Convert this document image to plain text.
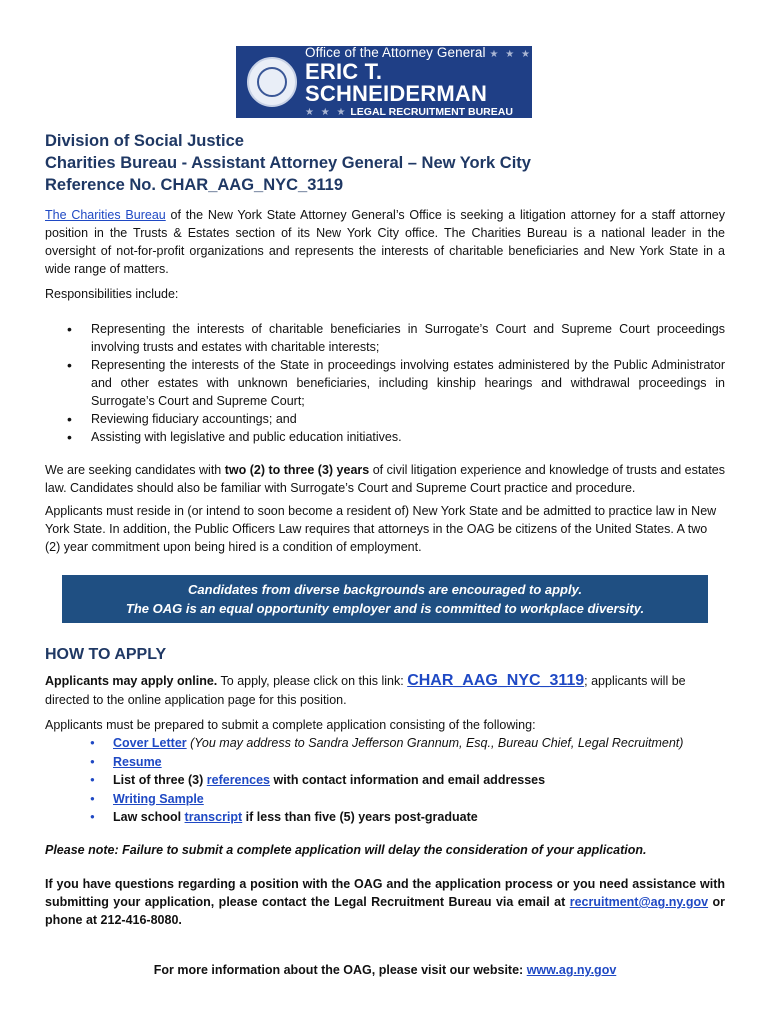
Office of the Attorney General ★ ★ ★
ERIC T. SCHNEIDERMAN
★ ★ ★ LEGAL RECRUITMENT BUREAU
Division of Social Justice
Charities Bureau - Assistant Attorney General – New York City
Reference No. CHAR_AAG_NYC_3119
The Charities Bureau of the New York State Attorney General’s Office is seeking a litigation attorney for a staff attorney position in the Trusts & Estates section of its New York City office. The Charities Bureau is a national leader in the oversight of not-for-profit organizations and represents the interests of charitable beneficiaries and New York State in a wide range of matters.
Responsibilities include:
• Representing the interests of charitable beneficiaries in Surrogate’s Court and Supreme Court proceedings involving trusts and estates with charitable interests;
• Representing the interests of the State in proceedings involving estates administered by the Public Administrator and other estates with unknown beneficiaries, including kinship hearings and withdrawal proceedings in Surrogate’s Court and Supreme Court;
• Reviewing fiduciary accountings; and
• Assisting with legislative and public education initiatives.
We are seeking candidates with two (2) to three (3) years of civil litigation experience and knowledge of trusts and estates law. Candidates should also be familiar with Surrogate’s Court and Supreme Court practice and procedure.
Applicants must reside in (or intend to soon become a resident of) New York State and be admitted to practice law in New York State. In addition, the Public Officers Law requires that attorneys in the OAG be citizens of the United States. A two (2) year commitment upon being hired is a condition of employment.
Candidates from diverse backgrounds are encouraged to apply.
The OAG is an equal opportunity employer and is committed to workplace diversity.
HOW TO APPLY
Applicants may apply online. To apply, please click on this link: CHAR_AAG_NYC_3119; applicants will be directed to the online application page for this position.
Applicants must be prepared to submit a complete application consisting of the following:
● Cover Letter (You may address to Sandra Jefferson Grannum, Esq., Bureau Chief, Legal Recruitment)
● Resume
● List of three (3) references with contact information and email addresses
● Writing Sample
● Law school transcript if less than five (5) years post-graduate
Please note: Failure to submit a complete application will delay the consideration of your application.
If you have questions regarding a position with the OAG and the application process or you need assistance with submitting your application, please contact the Legal Recruitment Bureau via email at recruitment@ag.ny.gov or phone at 212-416-8080.
For more information about the OAG, please visit our website: www.ag.ny.gov
